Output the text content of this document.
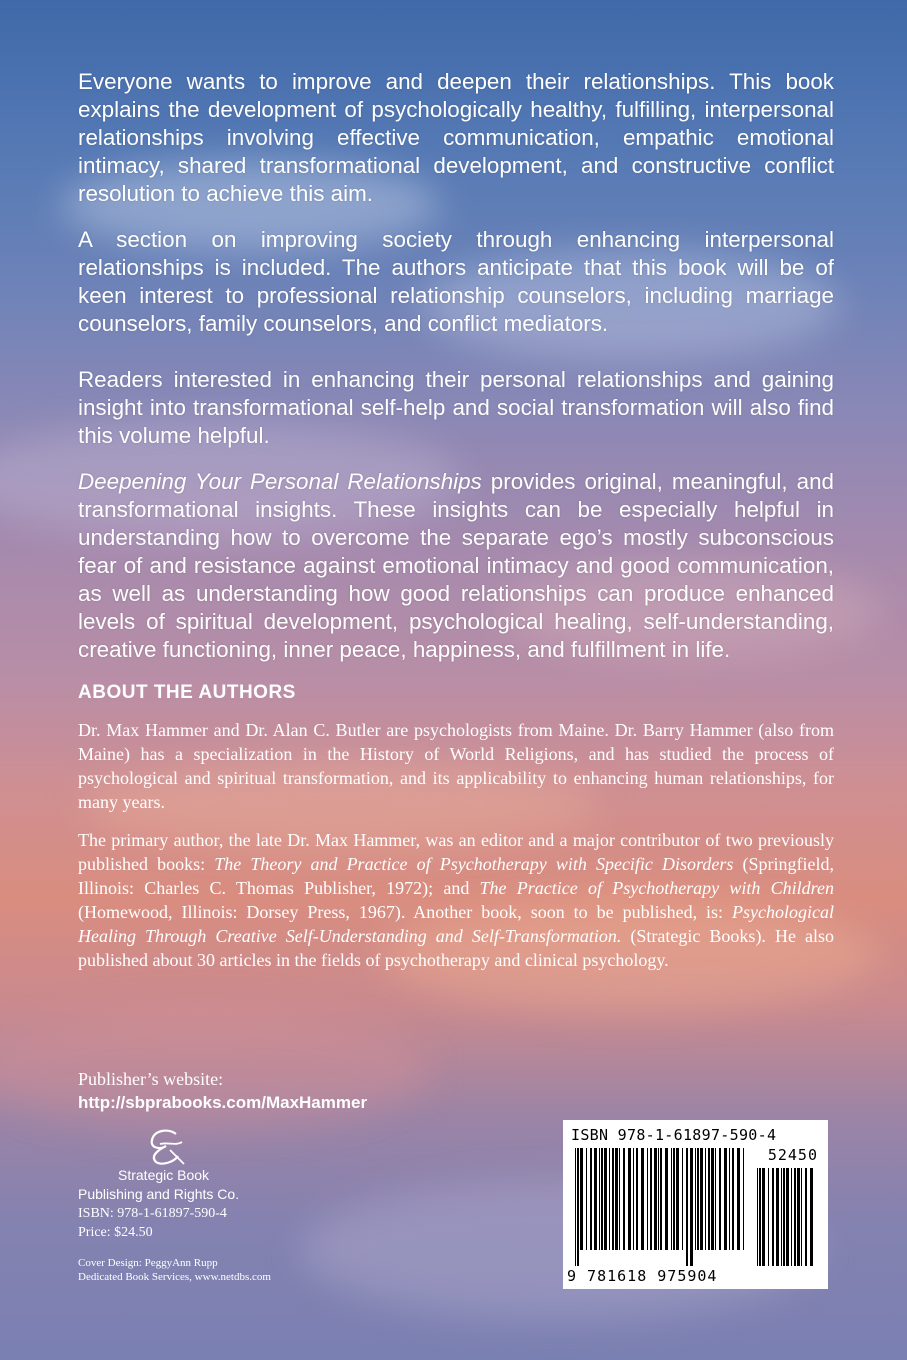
Everyone wants to improve and deepen their relationships. This book explains the development of psychologically healthy, fulfilling, interpersonal relationships involving effective communication, empathic emotional intimacy, shared transformational development, and constructive conflict resolution to achieve this aim.

A section on improving society through enhancing interpersonal relationships is included. The authors anticipate that this book will be of keen interest to professional relationship counselors, including marriage counselors, family counselors, and conflict mediators.

Readers interested in enhancing their personal relationships and gaining insight into transformational self-help and social transformation will also find this volume helpful.

Deepening Your Personal Relationships provides original, meaningful, and transformational insights. These insights can be especially helpful in understanding how to overcome the separate ego’s mostly subconscious fear of and resistance against emotional intimacy and good communication, as well as understanding how good relationships can produce enhanced levels of spiritual development, psychological healing, self-understanding, creative functioning, inner peace, happiness, and fulfillment in life.

ABOUT THE AUTHORS

Dr. Max Hammer and Dr. Alan C. Butler are psychologists from Maine. Dr. Barry Hammer (also from Maine) has a specialization in the History of World Religions, and has studied the process of psychological and spiritual transformation, and its applicability to enhancing human relationships, for many years.

The primary author, the late Dr. Max Hammer, was an editor and a major contributor of two previously published books: The Theory and Practice of Psychotherapy with Specific Disorders (Springfield, Illinois: Charles C. Thomas Publisher, 1972); and The Practice of Psychotherapy with Children (Homewood, Illinois: Dorsey Press, 1967). Another book, soon to be published, is: Psychological Healing Through Creative Self-Understanding and Self-Transformation. (Strategic Books). He also published about 30 articles in the fields of psychotherapy and clinical psychology.

Publisher’s website:
http://sbprabooks.com/MaxHammer
Strategic Book
Publishing and Rights Co.
ISBN: 978-1-61897-590-4
Price: $24.50
Cover Design: PeggyAnn Rupp
Dedicated Book Services, www.netdbs.com
ISBN 978-1-61897-590-4
52450
9 781618 975904
